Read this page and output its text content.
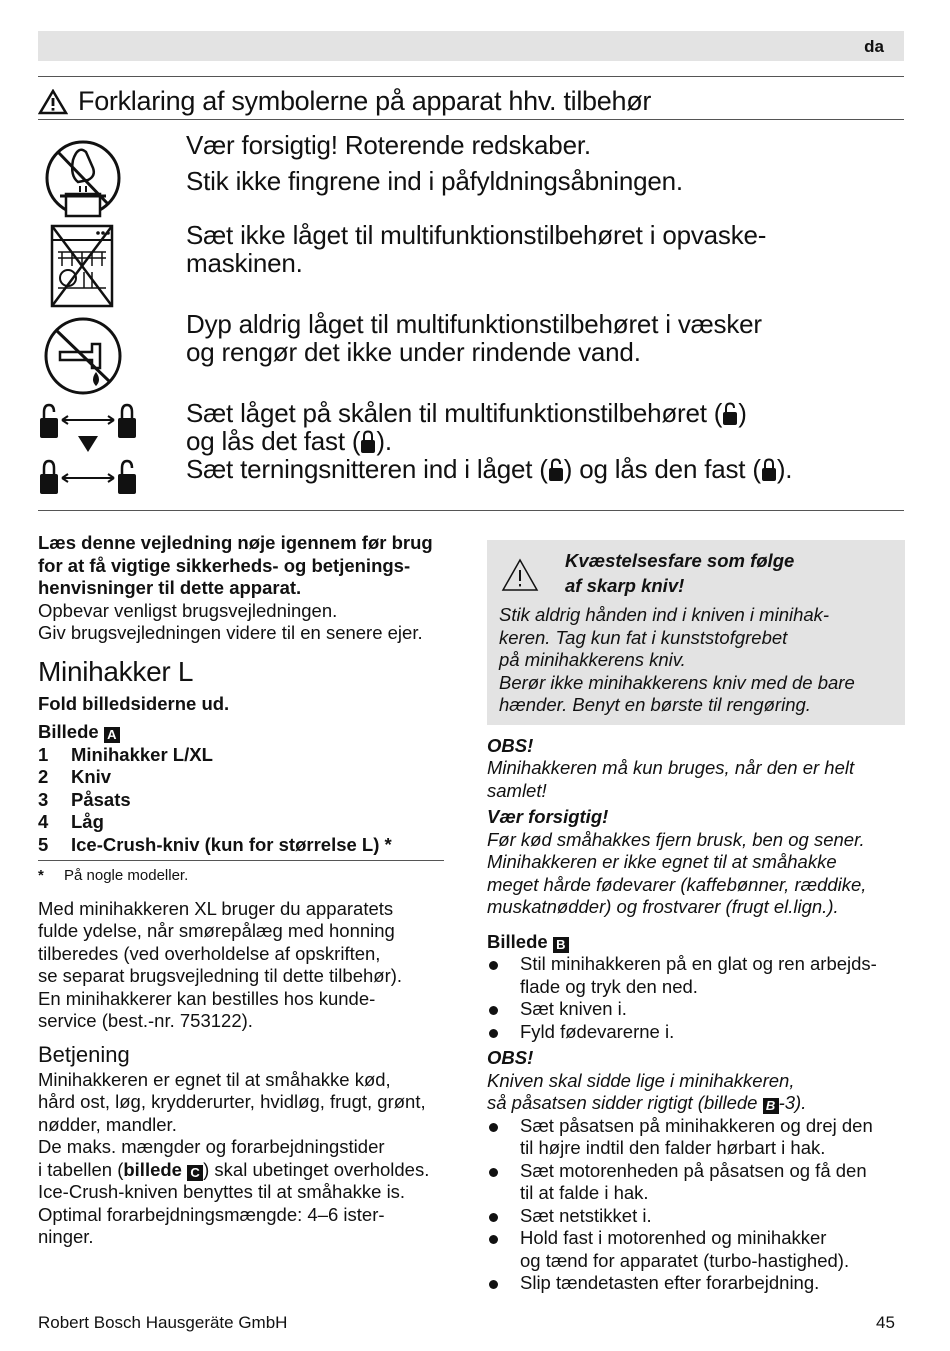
da
Forklaring af symbolerne på apparat hhv. tilbehør
Vær forsigtig! Roterende redskaber.
Stik ikke fingrene ind i påfyldningsåbningen.
Sæt ikke låget til multifunktionstilbehøret i opvaske-
maskinen.
Dyp aldrig låget til multifunktionstilbehøret i væsker
og rengør det ikke under rindende vand.
Sæt låget på skålen til multifunktionstilbehøret ( )
og lås det fast ( ).
Sæt terningsnitteren ind i låget ( ) og lås den fast ( ).
Læs denne vejledning nøje igennem før brug
for at få vigtige sikkerheds- og betjenings-
henvisninger til dette apparat.
Opbevar venligst brugsvejledningen.
Giv brugsvejledningen videre til en senere ejer.
Minihakker L
Fold billedsiderne ud.
Billede A
1	Minihakker L/XL
2	Kniv
3	Påsats
4	Låg
5	Ice-Crush-kniv (kun for størrelse L) *
* På nogle modeller.
Med minihakkeren XL bruger du apparatets
fulde ydelse, når smørepålæg med honning
tilberedes (ved overholdelse af opskriften,
se separat brugsvejledning til dette tilbehør).
En minihakkerer kan bestilles hos kunde-
service (best.-nr. 753122).
Betjening
Minihakkeren er egnet til at småhakke kød,
hård ost, løg, krydderurter, hvidløg, frugt, grønt,
nødder, mandler.
De maks. mængder og forarbejdningstider
i tabellen (billede C ) skal ubetinget overholdes.
Ice-Crush-kniven benyttes til at småhakke is.
Optimal forarbejdningsmængde: 4–6 ister-
ninger.
Kvæstelsesfare som følge
af skarp kniv!
Stik aldrig hånden ind i kniven i minihak-
keren. Tag kun fat i kunststofgrebet
på minihakkerens kniv.
Berør ikke minihakkerens kniv med de bare
hænder. Benyt en børste til rengøring.
OBS!
Minihakkeren må kun bruges, når den er helt
samlet!
Vær forsigtig!
Før kød småhakkes fjern brusk, ben og sener.
Minihakkeren er ikke egnet til at småhakke
meget hårde fødevarer (kaffebønner, ræddike,
muskatnødder) og frostvarer (frugt el.lign.).
Billede B
Stil minihakkeren på en glat og ren arbejds-
flade og tryk den ned.
Sæt kniven i.
Fyld fødevarerne i.
OBS!
Kniven skal sidde lige i minihakkeren,
så påsatsen sidder rigtigt (billede B -3).
Sæt påsatsen på minihakkeren og drej den
til højre indtil den falder hørbart i hak.
Sæt motorenheden på påsatsen og få den
til at falde i hak.
Sæt netstikket i.
Hold fast i motorenhed og minihakker
og tænd for apparatet (turbo-hastighed).
Slip tændetasten efter forarbejdning.
Robert Bosch Hausgeräte GmbH	45
